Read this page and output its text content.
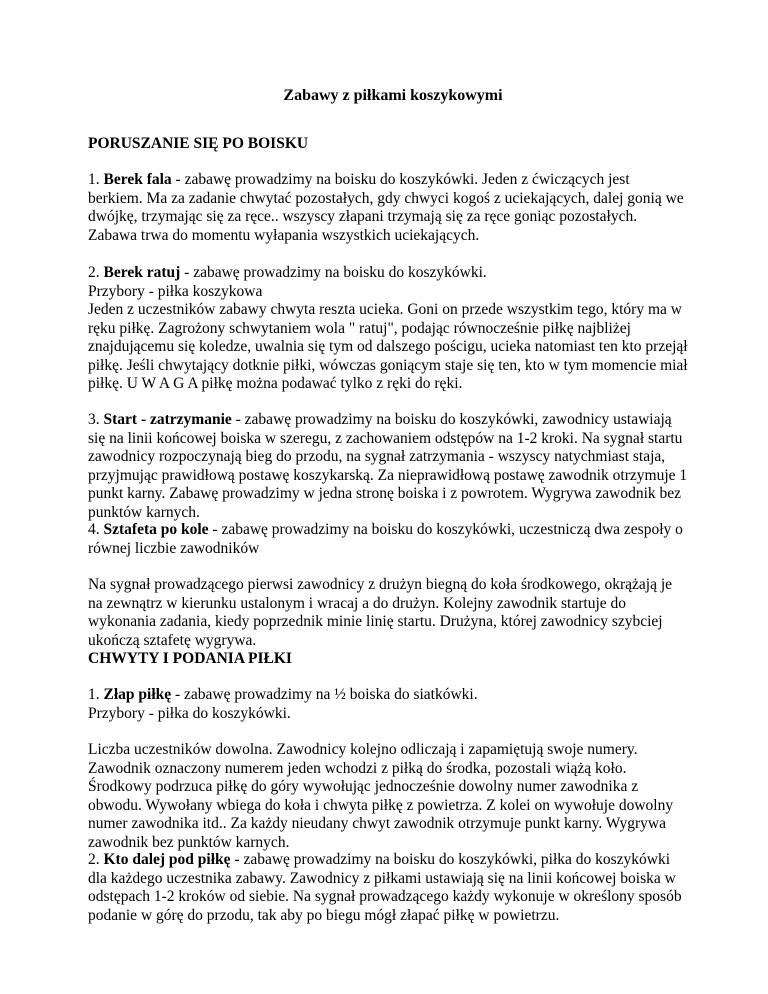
Zabawy z piłkami koszykowymi
PORUSZANIE SIĘ PO BOISKU

1. Berek fala - zabawę prowadzimy na boisku do koszykówki. Jeden z ćwiczących jest berkiem. Ma za zadanie chwytać pozostałych, gdy chwyci kogoś z uciekających, dalej gonią we dwójkę, trzymając się za ręce.. wszyscy złapani trzymają się za ręce goniąc pozostałych. Zabawa trwa do momentu wyłapania wszystkich uciekających.

2. Berek ratuj - zabawę prowadzimy na boisku do koszykówki.

Przybory - piłka koszykowa

Jeden z uczestników zabawy chwyta reszta ucieka. Goni on przede wszystkim tego, który ma w ręku piłkę. Zagrożony schwytaniem wola " ratuj", podając równocześnie piłkę najbliżej znajdującemu się koledze, uwalnia się tym od dalszego pościgu, ucieka natomiast ten kto przejął piłkę. Jeśli chwytający dotknie piłki, wówczas goniącym staje się ten, kto w tym momencie miał piłkę. U W A G A piłkę można podawać tylko z ręki do ręki.

3. Start - zatrzymanie - zabawę prowadzimy na boisku do koszykówki, zawodnicy ustawiają się na linii końcowej boiska w szeregu, z zachowaniem odstępów na 1-2 kroki. Na sygnał startu zawodnicy rozpoczynają bieg do przodu, na sygnał zatrzymania - wszyscy natychmiast staja, przyjmując prawidłową postawę koszykarską. Za nieprawidłową postawę zawodnik otrzymuje 1 punkt karny. Zabawę prowadzimy w jedna stronę boiska i z powrotem. Wygrywa zawodnik bez punktów karnych.

4. Sztafeta po kole - zabawę prowadzimy na boisku do koszykówki, uczestniczą dwa zespoły o równej liczbie zawodników

Na sygnał prowadzącego pierwsi zawodnicy z drużyn biegną do koła środkowego, okrążają je na zewnątrz w kierunku ustalonym i wracaj a do drużyn. Kolejny zawodnik startuje do wykonania zadania, kiedy poprzednik minie linię startu. Drużyna, której zawodnicy szybciej ukończą sztafetę wygrywa.

CHWYTY I PODANIA PIŁKI

1. Złap piłkę - zabawę prowadzimy na ½ boiska do siatkówki.

Przybory - piłka do koszykówki.

Liczba uczestników dowolna. Zawodnicy kolejno odliczają i zapamiętują swoje numery. Zawodnik oznaczony numerem jeden wchodzi z piłką do środka, pozostali wiążą koło. Środkowy podrzuca piłkę do góry wywołując jednocześnie dowolny numer zawodnika z obwodu. Wywołany wbiega do koła i chwyta piłkę z powietrza. Z kolei on wywołuje dowolny numer zawodnika itd.. Za każdy nieudany chwyt zawodnik otrzymuje punkt karny. Wygrywa zawodnik bez punktów karnych.

2. Kto dalej pod piłkę - zabawę prowadzimy na boisku do koszykówki, piłka do koszykówki dla każdego uczestnika zabawy. Zawodnicy z piłkami ustawiają się na linii końcowej boiska w odstępach 1-2 kroków od siebie. Na sygnał prowadzącego każdy wykonuje w określony sposób podanie w górę do przodu, tak aby po biegu mógł złapać piłkę w powietrzu.
